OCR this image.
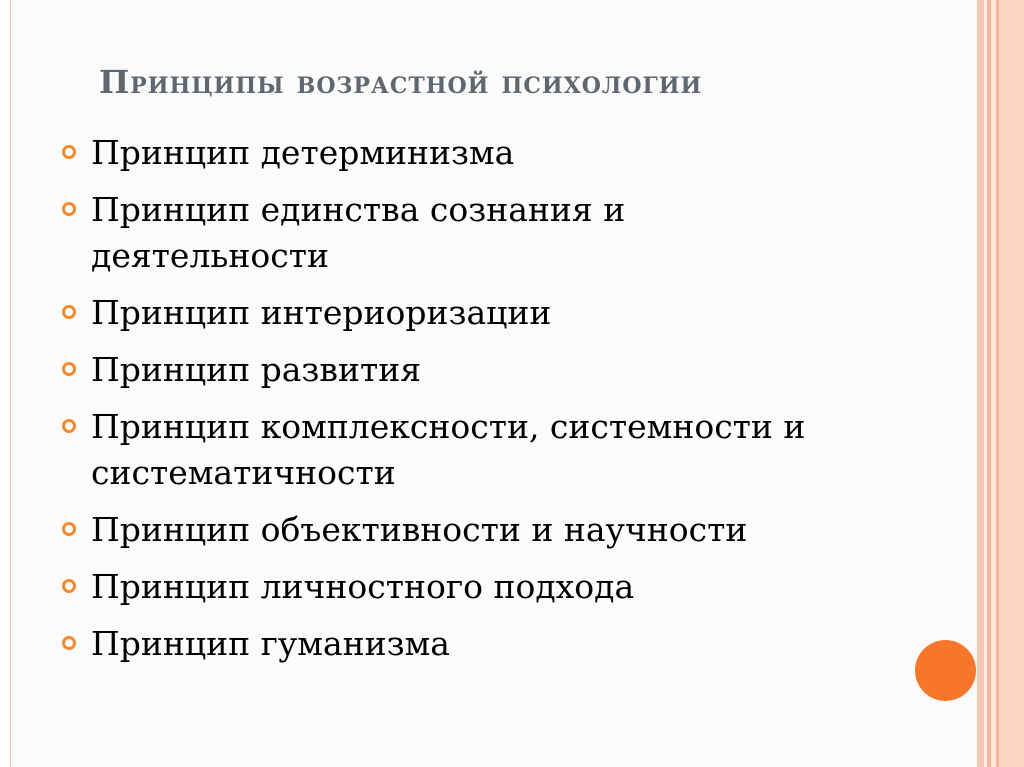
Принципы возрастной психологии
Принцип детерминизма
Принцип единства сознания и деятельности
Принцип интериоризации
Принцип развития
Принцип комплексности, системности и систематичности
Принцип объективности и научности
Принцип личностного подхода
Принцип гуманизма
